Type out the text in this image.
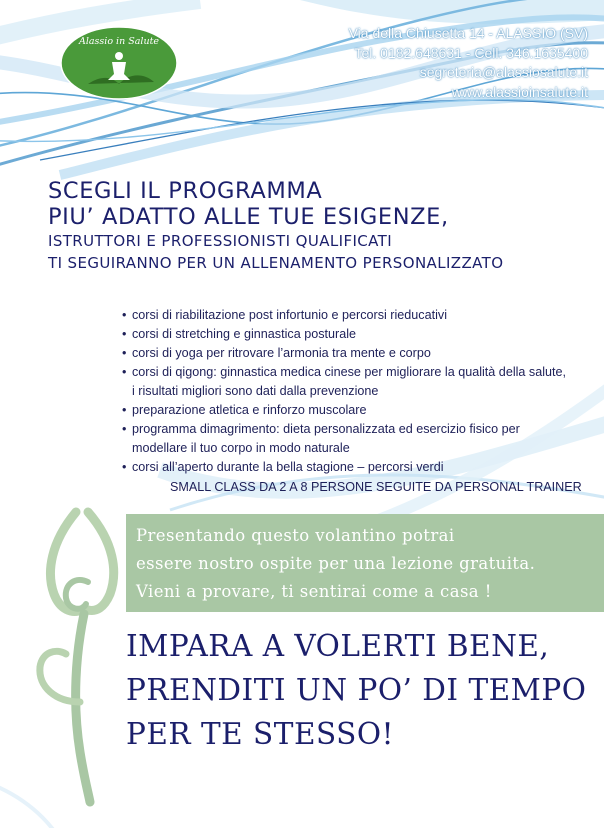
Alassio in Salute
Via della Chiusetta 14 - ALASSIO (SV)
Tel. 0182.648631 - Cell. 346.1635400
segreteria@alassiosalute.it
www.alassioinsalute.it
SCEGLI IL PROGRAMMA
PIU’ ADATTO ALLE TUE ESIGENZE,
ISTRUTTORI E PROFESSIONISTI QUALIFICATI
TI SEGUIRANNO PER UN ALLENAMENTO PERSONALIZZATO
• corsi di riabilitazione post infortunio e percorsi rieducativi
• corsi di stretching e ginnastica posturale
• corsi di yoga per ritrovare l’armonia tra mente e corpo
• corsi di qigong: ginnastica medica cinese per migliorare la qualità della salute,
i risultati migliori sono dati dalla prevenzione
• preparazione atletica e rinforzo muscolare
• programma dimagrimento: dieta personalizzata ed esercizio fisico per
modellare il tuo corpo in modo naturale
• corsi all’aperto durante la bella stagione – percorsi verdi
SMALL CLASS DA 2 A 8 PERSONE SEGUITE DA PERSONAL TRAINER
Presentando questo volantino potrai
essere nostro ospite per una lezione gratuita.
Vieni a provare, ti sentirai come a casa !
IMPARA A VOLERTI BENE,
PRENDITI UN PO’ DI TEMPO
PER TE STESSO!
